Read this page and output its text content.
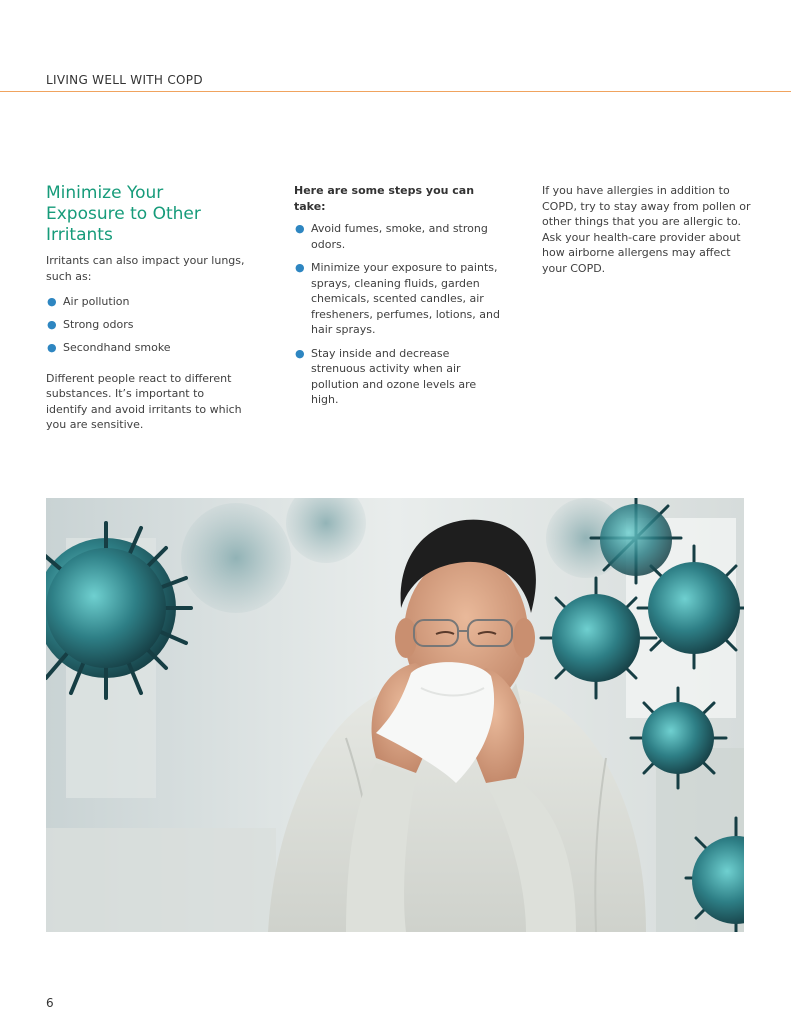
LIVING WELL WITH COPD
Minimize Your Exposure to Other Irritants
Irritants can also impact your lungs, such as:
● Air pollution
● Strong odors
● Secondhand smoke
Different people react to different substances. It’s important to identify and avoid irritants to which you are sensitive.
Here are some steps you can take:
● Avoid fumes, smoke, and strong odors.
● Minimize your exposure to paints, sprays, cleaning fluids, garden chemicals, scented candles, air fresheners, perfumes, lotions, and hair sprays.
● Stay inside and decrease strenuous activity when air pollution and ozone levels are high.
If you have allergies in addition to COPD, try to stay away from pollen or other things that you are allergic to. Ask your health-care provider about how airborne allergens may affect your COPD.
6
